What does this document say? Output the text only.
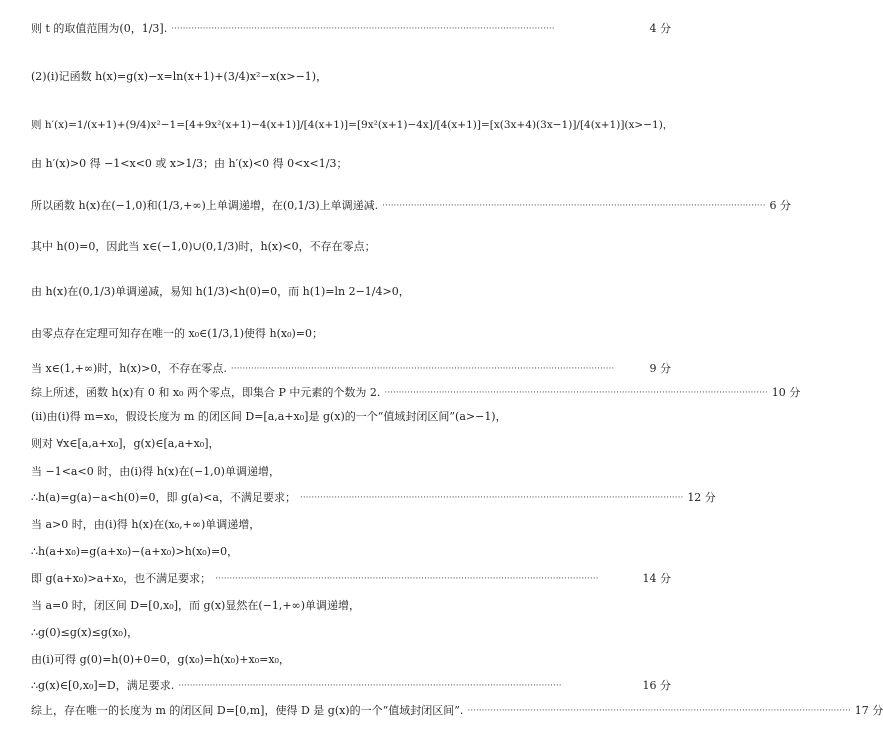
则 t 的取值范围为(0，1/3]. ······································································································································	4 分
(2)(ⅰ)记函数 h(x)=g(x)−x=ln(x+1)+(3/4)x²−x(x>−1)，
则 h′(x)=1/(x+1)+(9/4)x²−1=[4+9x²(x+1)−4(x+1)]/[4(x+1)]=[9x²(x+1)−4x]/[4(x+1)]=[x(3x+4)(3x−1)]/[4(x+1)](x>−1)，
由 h′(x)>0 得 −1<x<0 或 x>1/3；由 h′(x)<0 得 0<x<1/3；
所以函数 h(x)在(−1,0)和(1/3,+∞)上单调递增，在(0,1/3)上单调递减. ······································································································································ 6 分
其中 h(0)=0，因此当 x∈(−1,0)∪(0,1/3)时，h(x)<0，不存在零点；
由 h(x)在(0,1/3)单调递减，易知 h(1/3)<h(0)=0，而 h(1)=ln 2−1/4>0，
由零点存在定理可知存在唯一的 x₀∈(1/3,1)使得 h(x₀)=0；
当 x∈(1,+∞)时，h(x)>0，不存在零点. ······································································································································	9 分
综上所述，函数 h(x)有 0 和 x₀ 两个零点，即集合 P 中元素的个数为 2. ······································································································································ 10 分
(ⅱ)由(ⅰ)得 m=x₀，假设长度为 m 的闭区间 D=[a,a+x₀]是 g(x)的一个“值域封闭区间”(a>−1)，
则对 ∀x∈[a,a+x₀]，g(x)∈[a,a+x₀]，
当 −1<a<0 时，由(ⅰ)得 h(x)在(−1,0)单调递增，
∴h(a)=g(a)−a<h(0)=0，即 g(a)<a，不满足要求； ······································································································································ 12 分
当 a>0 时，由(ⅰ)得 h(x)在(x₀,+∞)单调递增，
∴h(a+x₀)=g(a+x₀)−(a+x₀)>h(x₀)=0，
即 g(a+x₀)>a+x₀，也不满足要求； ······································································································································	14 分
当 a=0 时，闭区间 D=[0,x₀]，而 g(x)显然在(−1,+∞)单调递增，
∴g(0)≤g(x)≤g(x₀)，
由(ⅰ)可得 g(0)=h(0)+0=0，g(x₀)=h(x₀)+x₀=x₀，
∴g(x)∈[0,x₀]=D，满足要求. ······································································································································	16 分
综上，存在唯一的长度为 m 的闭区间 D=[0,m]，使得 D 是 g(x)的一个“值域封闭区间”. ······································································································································ 17 分
